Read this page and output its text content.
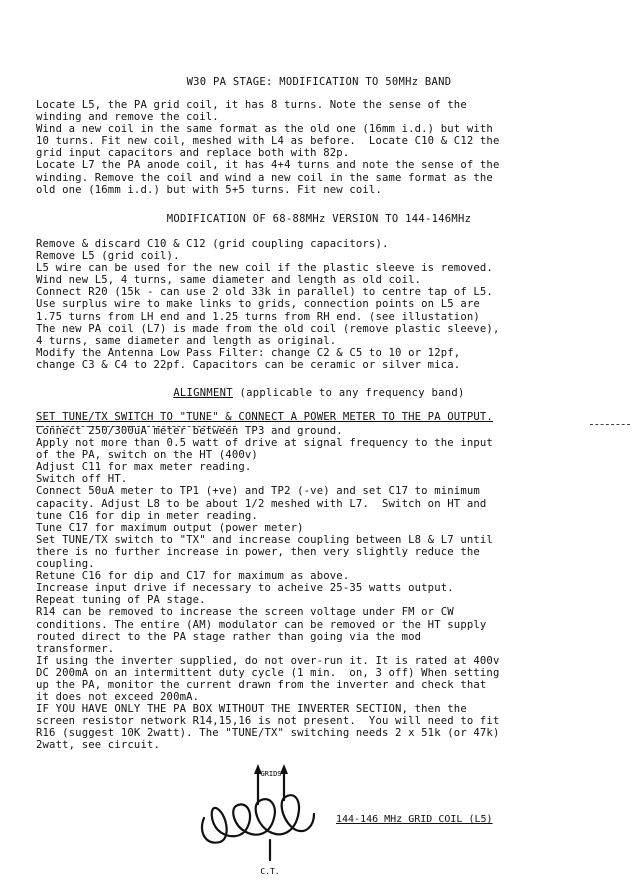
W30 PA STAGE: MODIFICATION TO 50MHz BAND
Locate L5, the PA grid coil, it has 8 turns. Note the sense of the
winding and remove the coil.
Wind a new coil in the same format as the old one (16mm i.d.) but with
10 turns. Fit new coil, meshed with L4 as before.  Locate C10 & C12 the
grid input capacitors and replace both with 82p.
Locate L7 the PA anode coil, it has 4+4 turns and note the sense of the
winding. Remove the coil and wind a new coil in the same format as the
old one (16mm i.d.) but with 5+5 turns. Fit new coil.
MODIFICATION OF 68-88MHz VERSION TO 144-146MHz
Remove & discard C10 & C12 (grid coupling capacitors).
Remove L5 (grid coil).
L5 wire can be used for the new coil if the plastic sleeve is removed.
Wind new L5, 4 turns, same diameter and length as old coil.
Connect R20 (15k - can use 2 old 33k in parallel) to centre tap of L5.
Use surplus wire to make links to grids, connection points on L5 are
1.75 turns from LH end and 1.25 turns from RH end. (see illustation)
The new PA coil (L7) is made from the old coil (remove plastic sleeve),
4 turns, same diameter and length as original.
Modify the Antenna Low Pass Filter: change C2 & C5 to 10 or 12pf,
change C3 & C4 to 22pf. Capacitors can be ceramic or silver mica.
ALIGNMENT (applicable to any frequency band)
SET TUNE/TX SWITCH TO "TUNE" & CONNECT A POWER METER TO THE PA OUTPUT.
Connect 250/300uA meter between TP3 and ground.
Apply not more than 0.5 watt of drive at signal frequency to the input
of the PA, switch on the HT (400v)
Adjust C11 for max meter reading.
Switch off HT.
Connect 50uA meter to TP1 (+ve) and TP2 (-ve) and set C17 to minimum
capacity. Adjust L8 to be about 1/2 meshed with L7.  Switch on HT and
tune C16 for dip in meter reading.
Tune C17 for maximum output (power meter)
Set TUNE/TX switch to "TX" and increase coupling between L8 & L7 until
there is no further increase in power, then very slightly reduce the
coupling.
Retune C16 for dip and C17 for maximum as above.
Increase input drive if necessary to acheive 25-35 watts output.
Repeat tuning of PA stage.
R14 can be removed to increase the screen voltage under FM or CW
conditions. The entire (AM) modulator can be removed or the HT supply
routed direct to the PA stage rather than going via the mod
transformer.
If using the inverter supplied, do not over-run it. It is rated at 400v
DC 200mA on an intermittent duty cycle (1 min.  on, 3 off) When setting
up the PA, monitor the current drawn from the inverter and check that
it does not exceed 200mA.
IF YOU HAVE ONLY THE PA BOX WITHOUT THE INVERTER SECTION, then the
screen resistor network R14,15,16 is not present.  You will need to fit
R16 (suggest 10K 2watt). The "TUNE/TX" switching needs 2 x 51k (or 47k)
2watt, see circuit.
GRIDS
C.T.
144-146 MHz GRID COIL (L5)
